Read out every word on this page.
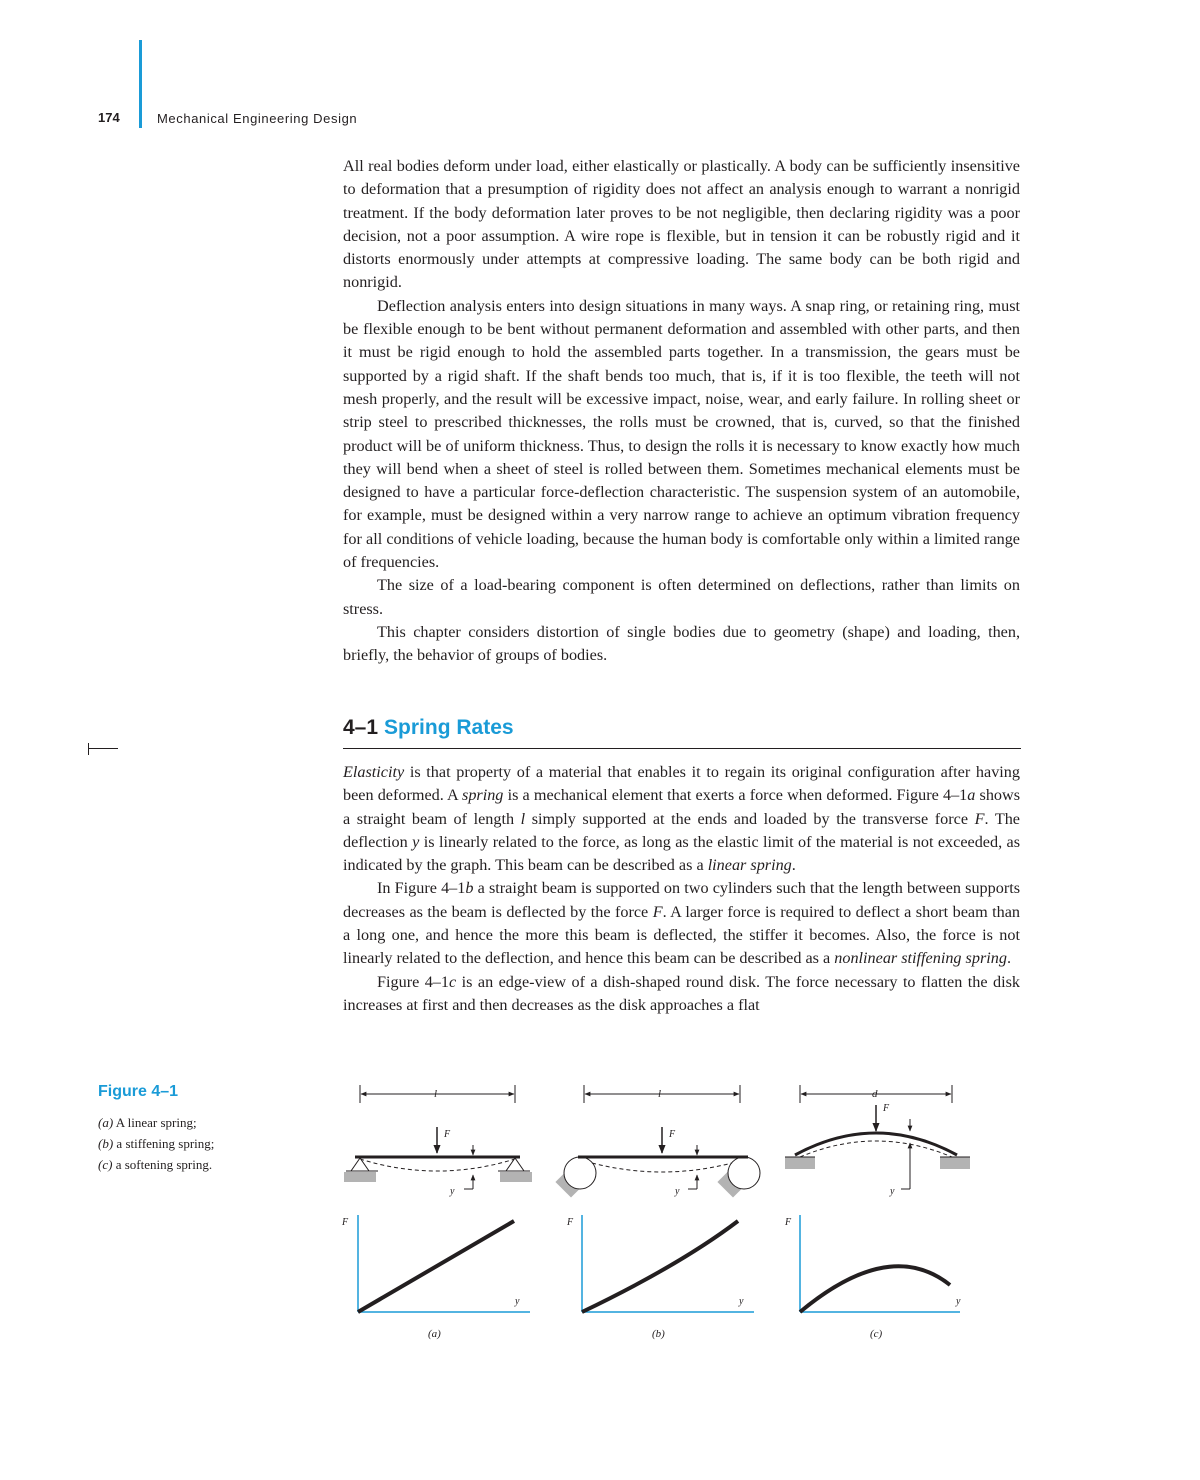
174	Mechanical Engineering Design

All real bodies deform under load, either elastically or plastically. A body can be sufficiently insensitive to deformation that a presumption of rigidity does not affect an analysis enough to warrant a nonrigid treatment. If the body deformation later proves to be not negligible, then declaring rigidity was a poor decision, not a poor assumption. A wire rope is flexible, but in tension it can be robustly rigid and it distorts enormously under attempts at compressive loading. The same body can be both rigid and nonrigid.

Deflection analysis enters into design situations in many ways. A snap ring, or retaining ring, must be flexible enough to be bent without permanent deformation and assembled with other parts, and then it must be rigid enough to hold the assembled parts together. In a transmission, the gears must be supported by a rigid shaft. If the shaft bends too much, that is, if it is too flexible, the teeth will not mesh properly, and the result will be excessive impact, noise, wear, and early failure. In rolling sheet or strip steel to prescribed thicknesses, the rolls must be crowned, that is, curved, so that the finished product will be of uniform thickness. Thus, to design the rolls it is necessary to know exactly how much they will bend when a sheet of steel is rolled between them. Sometimes mechanical elements must be designed to have a particular force-deflection characteristic. The suspension system of an automobile, for example, must be designed within a very narrow range to achieve an optimum vibration frequency for all conditions of vehicle loading, because the human body is comfortable only within a limited range of frequencies.

The size of a load-bearing component is often determined on deflections, rather than limits on stress.

This chapter considers distortion of single bodies due to geometry (shape) and loading, then, briefly, the behavior of groups of bodies.

4–1 Spring Rates

Elasticity is that property of a material that enables it to regain its original configuration after having been deformed. A spring is a mechanical element that exerts a force when deformed. Figure 4–1a shows a straight beam of length l simply supported at the ends and loaded by the transverse force F. The deflection y is linearly related to the force, as long as the elastic limit of the material is not exceeded, as indicated by the graph. This beam can be described as a linear spring.

In Figure 4–1b a straight beam is supported on two cylinders such that the length between supports decreases as the beam is deflected by the force F. A larger force is required to deflect a short beam than a long one, and hence the more this beam is deflected, the stiffer it becomes. Also, the force is not linearly related to the deflection, and hence this beam can be described as a nonlinear stiffening spring.

Figure 4–1c is an edge-view of a dish-shaped round disk. The force necessary to flatten the disk increases at first and then decreases as the disk approaches a flat

Figure 4–1
(a) A linear spring;
(b) a stiffening spring;
(c) a softening spring.
l
F
y
l
F
y
d
F
y
F
y
(a)
F
y
(b)
F
y
(c)
